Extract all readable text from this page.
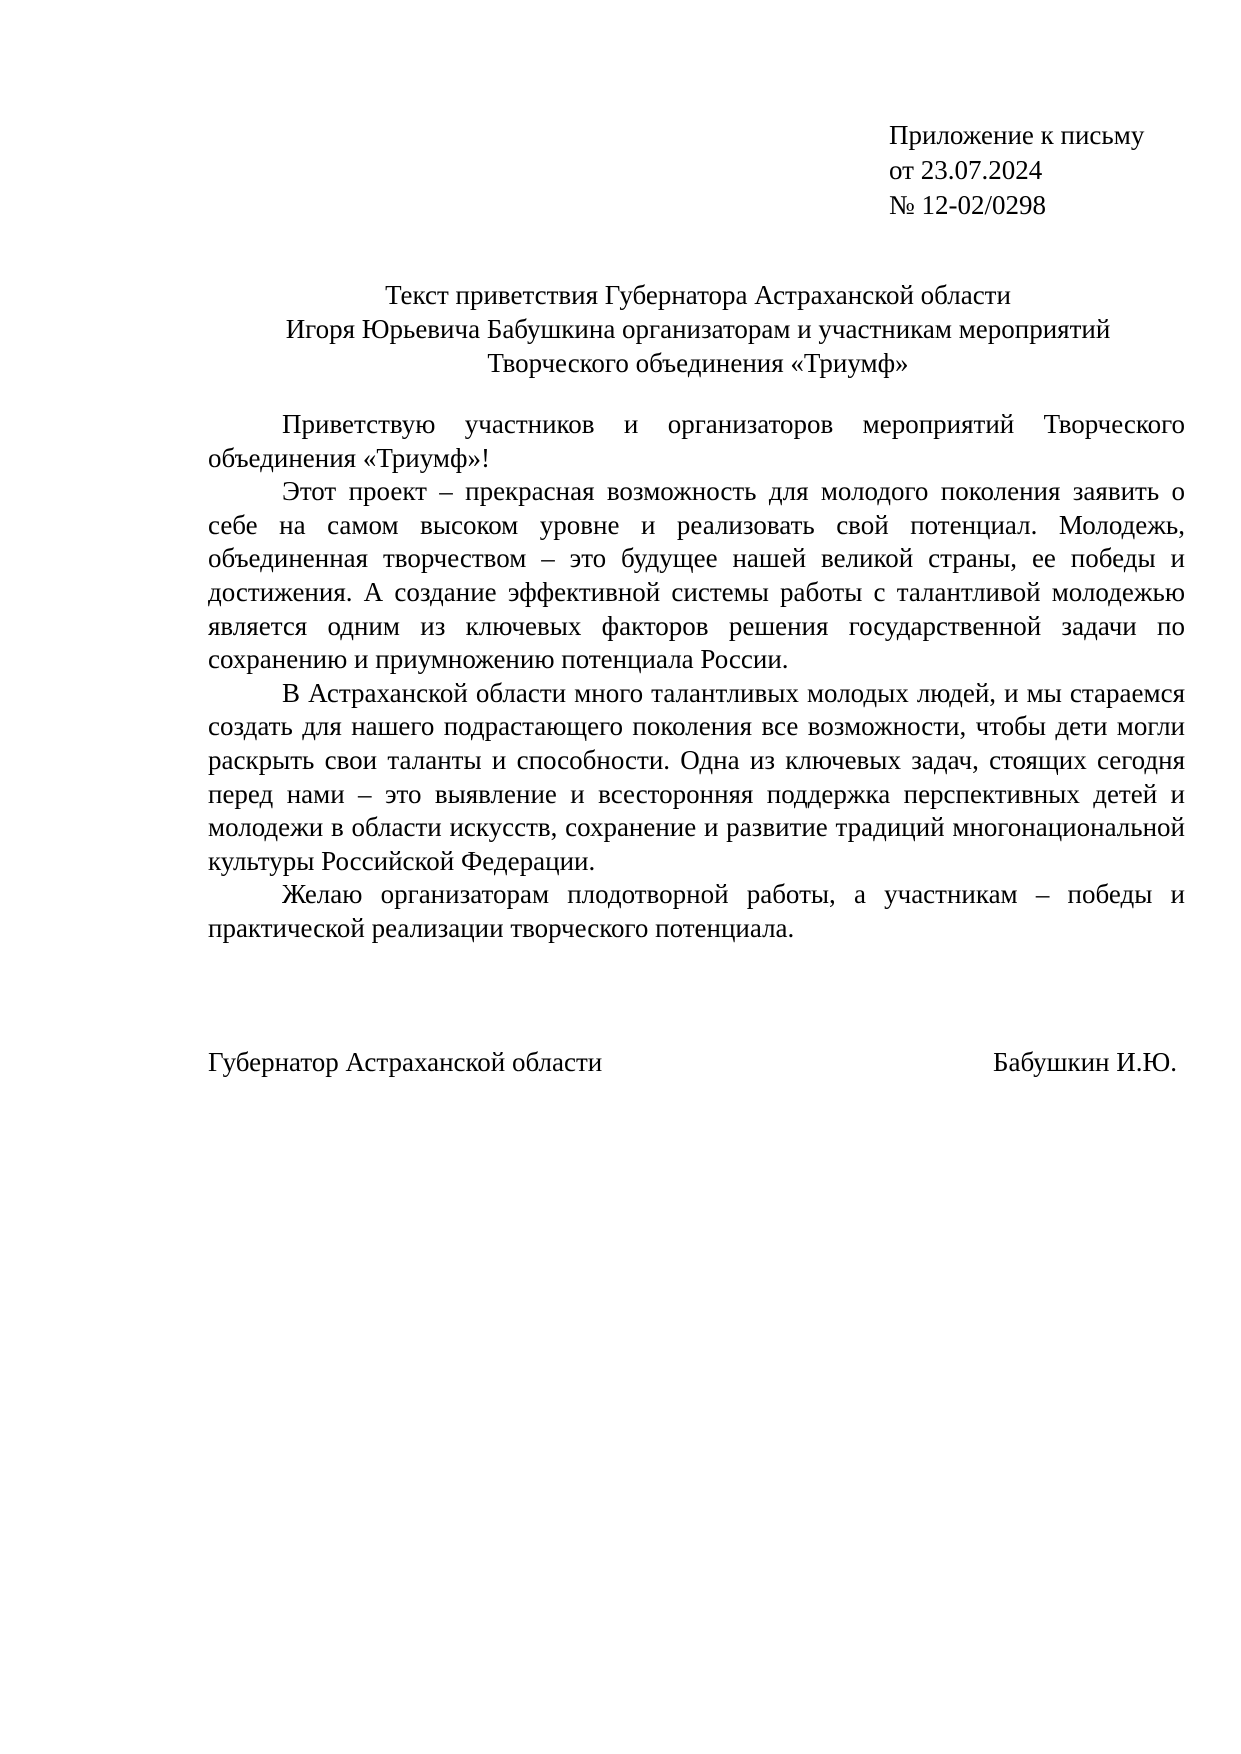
Приложение к письму
от 23.07.2024
№ 12-02/0298
Текст приветствия Губернатора Астраханской области
Игоря Юрьевича Бабушкина организаторам и участникам мероприятий
Творческого объединения «Триумф»

Приветствую участников и организаторов мероприятий Творческого объединения «Триумф»!

Этот проект – прекрасная возможность для молодого поколения заявить о себе на самом высоком уровне и реализовать свой потенциал. Молодежь, объединенная творчеством – это будущее нашей великой страны, ее победы и достижения. А создание эффективной системы работы с талантливой молодежью является одним из ключевых факторов решения государственной задачи по сохранению и приумножению потенциала России.

В Астраханской области много талантливых молодых людей, и мы стараемся создать для нашего подрастающего поколения все возможности, чтобы дети могли раскрыть свои таланты и способности. Одна из ключевых задач, стоящих сегодня перед нами – это выявление и всесторонняя поддержка перспективных детей и молодежи в области искусств, сохранение и развитие традиций многонациональной культуры Российской Федерации.

Желаю организаторам плодотворной работы, а участникам – победы и практической реализации творческого потенциала.

Губернатор Астраханской области	Бабушкин И.Ю.
